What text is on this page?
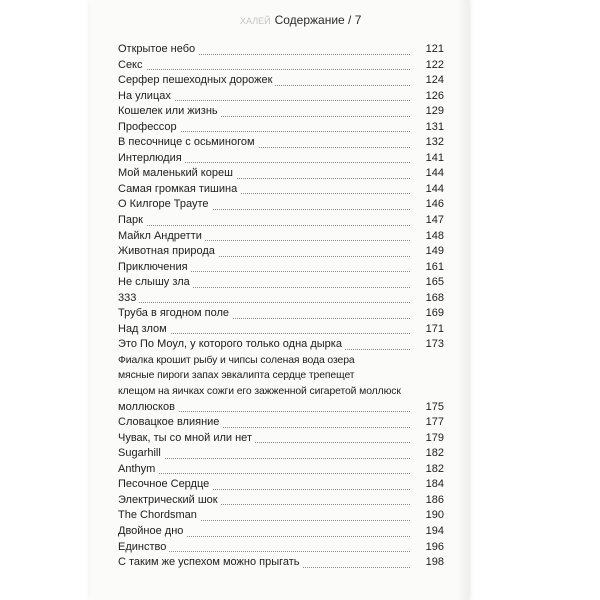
ХАЛЕЙ Содержание / 7
Открытое небо	121
Секс	122
Серфер пешеходных дорожек	124
На улицах	126
Кошелек или жизнь	129
Профессор	131
В песочнице с осьминогом	132
Интерлюдия	141
Мой маленький кореш	144
Самая громкая тишина	144
О Килгоре Трауте	146
Парк	147
Майкл Андретти	148
Животная природа	149
Приключения	161
Не слышу зла	165
333	168
Труба в ягодном поле	169
Над злом	171
Это По Моул, у которого только одна дырка	173
Фиалка крошит рыбу и чипсы соленая вода озера
мясные пироги запах эвкалипта сердце трепещет
клещом на яичках сожги его зажженной сигаретой моллюск
моллюсков	175
Словацкое влияние	177
Чувак, ты со мной или нет	179
Sugarhill	182
Anthym	182
Песочное Сердце	184
Электрический шок	186
The Chordsman	190
Двойное дно	194
Единство	196
С таким же успехом можно прыгать	198
